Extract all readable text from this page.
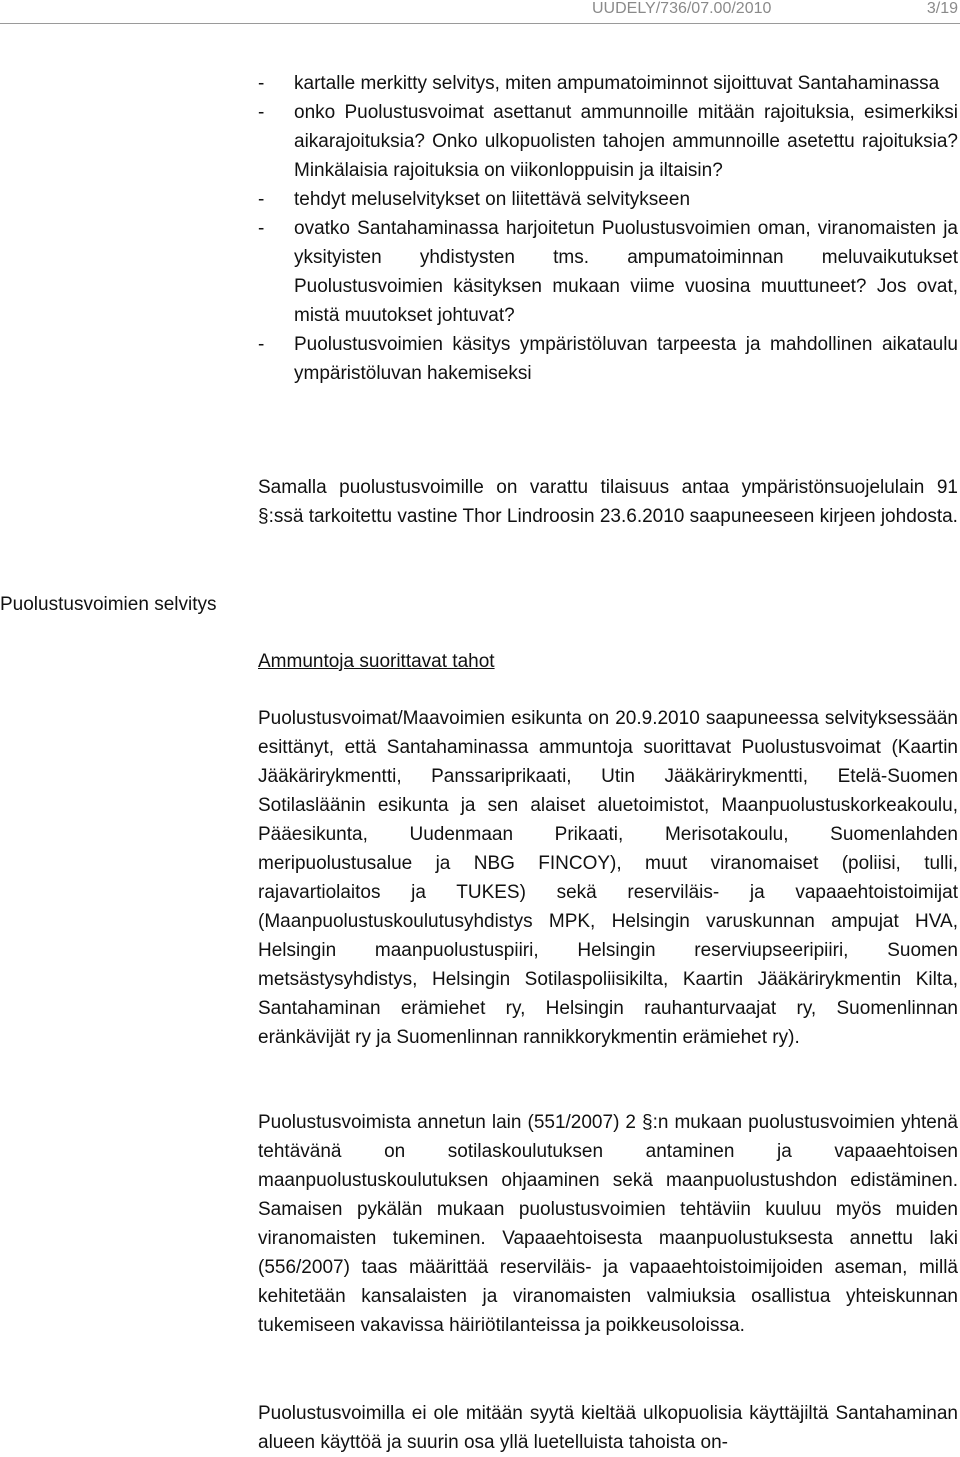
UUDELY/736/07.00/2010	3/19
- kartalle merkitty selvitys, miten ampumatoiminnot sijoittuvat Santahaminassa
- onko Puolustusvoimat asettanut ammunnoille mitään rajoituksia, esimerkiksi aikarajoituksia? Onko ulkopuolisten tahojen ammunnoille asetettu rajoituksia? Minkälaisia rajoituksia on viikonloppuisin ja iltaisin?
- tehdyt meluselvitykset on liitettävä selvitykseen
- ovatko Santahaminassa harjoitetun Puolustusvoimien oman, viranomaisten ja yksityisten yhdistysten tms. ampumatoiminnan meluvaikutukset Puolustusvoimien käsityksen mukaan viime vuosina muuttuneet? Jos ovat, mistä muutokset johtuvat?
- Puolustusvoimien käsitys ympäristöluvan tarpeesta ja mahdollinen aikataulu ympäristöluvan hakemiseksi

Samalla puolustusvoimille on varattu tilaisuus antaa ympäristönsuojelulain 91 §:ssä tarkoitettu vastine Thor Lindroosin 23.6.2010 saapuneeseen kirjeen johdosta.

Puolustusvoimien selvitys
Ammuntoja suorittavat tahot

Puolustusvoimat/Maavoimien esikunta on 20.9.2010 saapuneessa selvityksessään esittänyt, että Santahaminassa ammuntoja suorittavat Puolustusvoimat (Kaartin Jääkärirykmentti, Panssariprikaati, Utin Jääkärirykmentti, Etelä-Suomen Sotilasläänin esikunta ja sen alaiset aluetoimistot, Maanpuolustuskorkeakoulu, Pääesikunta, Uudenmaan Prikaati, Merisotakoulu, Suomenlahden meripuolustusalue ja NBG FINCOY), muut viranomaiset (poliisi, tulli, rajavartiolaitos ja TUKES) sekä reserviläis- ja vapaaehtoistoimijat (Maanpuolustuskoulutusyhdistys MPK, Helsingin varuskunnan ampujat HVA, Helsingin maanpuolustuspiiri, Helsingin reserviupseeripiiri, Suomen metsästysyhdistys, Helsingin Sotilaspoliisikilta, Kaartin Jääkärirykmentin Kilta, Santahaminan erämiehet ry, Helsingin rauhanturvaajat ry, Suomenlinnan eränkävijät ry ja Suomenlinnan rannikkorykmentin erämiehet ry).

Puolustusvoimista annetun lain (551/2007) 2 §:n mukaan puolustusvoimien yhtenä tehtävänä on sotilaskoulutuksen antaminen ja vapaaehtoisen maanpuolustuskoulutuksen ohjaaminen sekä maanpuolustushdon edistäminen. Samaisen pykälän mukaan puolustusvoimien tehtäviin kuuluu myös muiden viranomaisten tukeminen. Vapaaehtoisesta maanpuolustuksesta annettu laki (556/2007) taas määrittää reserviläis- ja vapaaehtoistoimijoiden aseman, millä kehitetään kansalaisten ja viranomaisten valmiuksia osallistua yhteiskunnan tukemiseen vakavissa häiriötilanteissa ja poikkeusoloissa.

Puolustusvoimilla ei ole mitään syytä kieltää ulkopuolisia käyttäjiltä Santahaminan alueen käyttöä ja suurin osa yllä luetelluista tahoista on-
